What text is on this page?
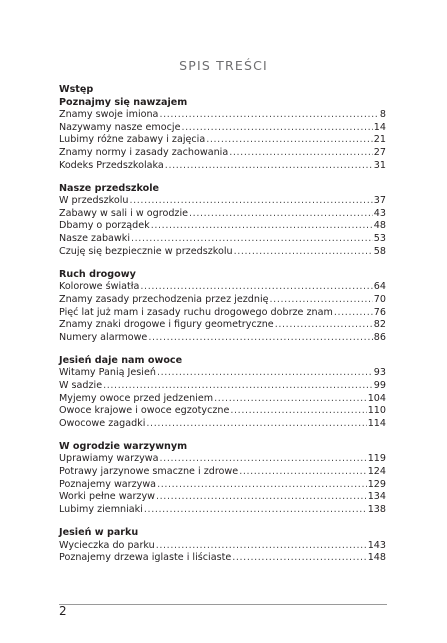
SPIS TREŚCI
Wstęp
Poznajmy się nawzajem
Znamy swoje imiona .....	8
Nazywamy nasze emocje .....	14
Lubimy różne zabawy i zajęcia .....	21
Znamy normy i zasady zachowania .....	27
Kodeks Przedszkolaka .....	31
Nasze przedszkole
W przedszkolu .....	37
Zabawy w sali i w ogrodzie .....	43
Dbamy o porządek .....	48
Nasze zabawki .....	53
Czuję się bezpiecznie w przedszkolu .....	58
Ruch drogowy
Kolorowe światła .....	64
Znamy zasady przechodzenia przez jezdnię .....	70
Pięć lat już mam i zasady ruchu drogowego dobrze znam .....	76
Znamy znaki drogowe i figury geometryczne .....	82
Numery alarmowe .....	86
Jesień daje nam owoce
Witamy Panią Jesień .....	93
W sadzie .....	99
Myjemy owoce przed jedzeniem .....	104
Owoce krajowe i owoce egzotyczne .....	110
Owocowe zagadki .....	114
W ogrodzie warzywnym
Uprawiamy warzywa .....	119
Potrawy jarzynowe smaczne i zdrowe .....	124
Poznajemy warzywa .....	129
Worki pełne warzyw .....	134
Lubimy ziemniaki .....	138
Jesień w parku
Wycieczka do parku .....	143
Poznajemy drzewa iglaste i liściaste .....	148
2
